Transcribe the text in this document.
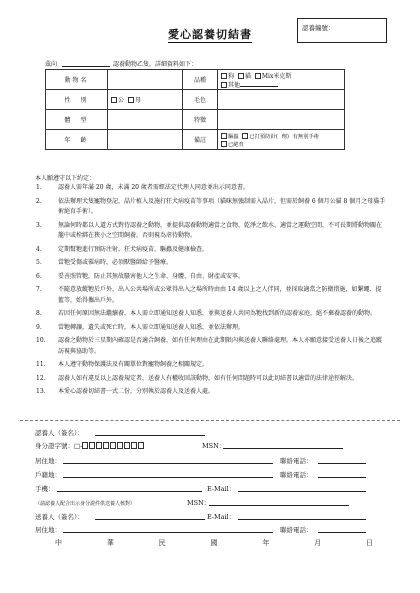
愛心認養切結書	認養編號：
茲向	認養動物乙隻，詳細資料如下：
動物名		品種	狗 貓 Mix米克斯 其他
性　別	公 母	毛色	
體　型		特徵	
年　齡		備註	驅蟲 已打預防針( 劑) 有無別手術 已絕育
本人願遵守以下約定：
1.	認養人需年滿 20 歲，未滿 20 歲者需經法定代理人同意並出示同意書。
2.	依法辦理犬隻寵物登記，晶片植入及施打狂犬病疫苗等事項（貓咪無強制需入晶片，但需於飼養 6 個月公貓 8 個月之母貓手術絕育手術）。
3.	無論何時都以人道方式對待認養之動物，並提供認養動物適當之食物、乾淨之飲水、適當之運動空間，不可長期將動物關在籠中或栓綁在狹小之空間飼養，否則視為虐待動物。
4.	定期幫牠進行預防注射，狂犬病疫苗，驅蟲及健康檢查。
5.	當牠受傷或罹病時，必須獸醫師給予醫療。
6.	妥善照管牠，防止其無故騷害他人之生命、身體、自由、財產或安寧。
7.	不隨意放縱牠於戶外，出入公共場所或公眾得出入之場所時由由 14 歲以上之人伴同，並採取適當之防衛措施，如繫繩、提籃等，始得攜出戶外。
8.	若因任何原因無法繼續養，本人需立即通知送養人知悉，並與送養人共同為牠找到新的認養家庭，絕不棄養認養的動物。
9.	當牠轉讓，遺失或死亡時，本人需立即通知送養人知悉，並依法辦理。
10.	認養之動物於三星期內確認是否適合飼養，如有任何理由在此期限內與送養人聯絡處理。本人亦願意接受送養人日後之追蹤訪視與協助等。
11.	本人遵守動物保護法及有關單位對寵物飼養之相關規定。
12.	認養人如有違反以上認養規定者，送養人有權收回該動物，如有任何問題時可以此切結書以適當的法律途徑解決。
13.	本愛心認養切結書一式二份，分別執於認養人及送養人處。
認養人（簽名）：
身分證字號：□-	MSN：
居住地：	聯絡電話：
戶籍地：	聯絡電話：
手機：	E-Mail：
（請認養人配合出示身分證件供送養人核對）	MSN：
送養人（簽名）：	E-Mail：
居住地：	聯絡電話：
中	華	民	國	年	月	日
